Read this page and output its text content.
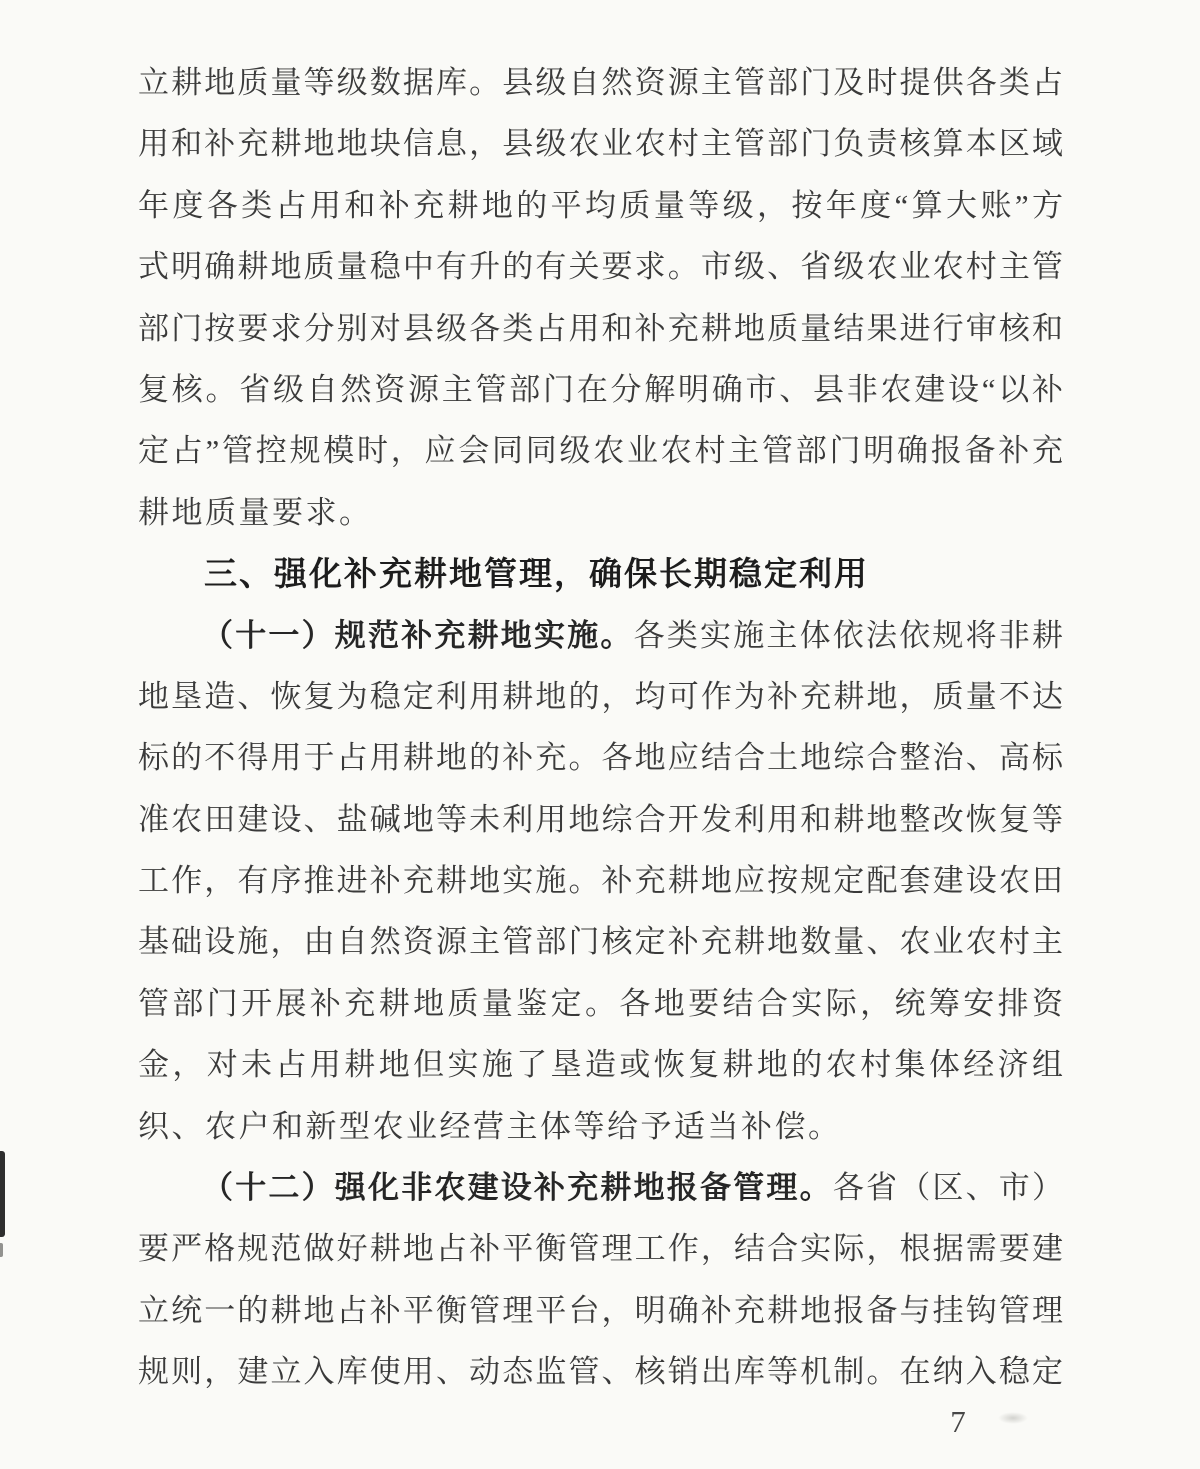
立耕地质量等级数据库。县级自然资源主管部门及时提供各类占
用和补充耕地地块信息，县级农业农村主管部门负责核算本区域
年度各类占用和补充耕地的平均质量等级，按年度“算大账”方
式明确耕地质量稳中有升的有关要求。市级、省级农业农村主管
部门按要求分别对县级各类占用和补充耕地质量结果进行审核和
复核。省级自然资源主管部门在分解明确市、县非农建设“以补
定占”管控规模时，应会同同级农业农村主管部门明确报备补充
耕地质量要求。
三、强化补充耕地管理，确保长期稳定利用
（十一）规范补充耕地实施。各类实施主体依法依规将非耕
地垦造、恢复为稳定利用耕地的，均可作为补充耕地，质量不达
标的不得用于占用耕地的补充。各地应结合土地综合整治、高标
准农田建设、盐碱地等未利用地综合开发利用和耕地整改恢复等
工作，有序推进补充耕地实施。补充耕地应按规定配套建设农田
基础设施，由自然资源主管部门核定补充耕地数量、农业农村主
管部门开展补充耕地质量鉴定。各地要结合实际，统筹安排资
金，对未占用耕地但实施了垦造或恢复耕地的农村集体经济组
织、农户和新型农业经营主体等给予适当补偿。
（十二）强化非农建设补充耕地报备管理。各省（区、市）
要严格规范做好耕地占补平衡管理工作，结合实际，根据需要建
立统一的耕地占补平衡管理平台，明确补充耕地报备与挂钩管理
规则，建立入库使用、动态监管、核销出库等机制。在纳入稳定
7
